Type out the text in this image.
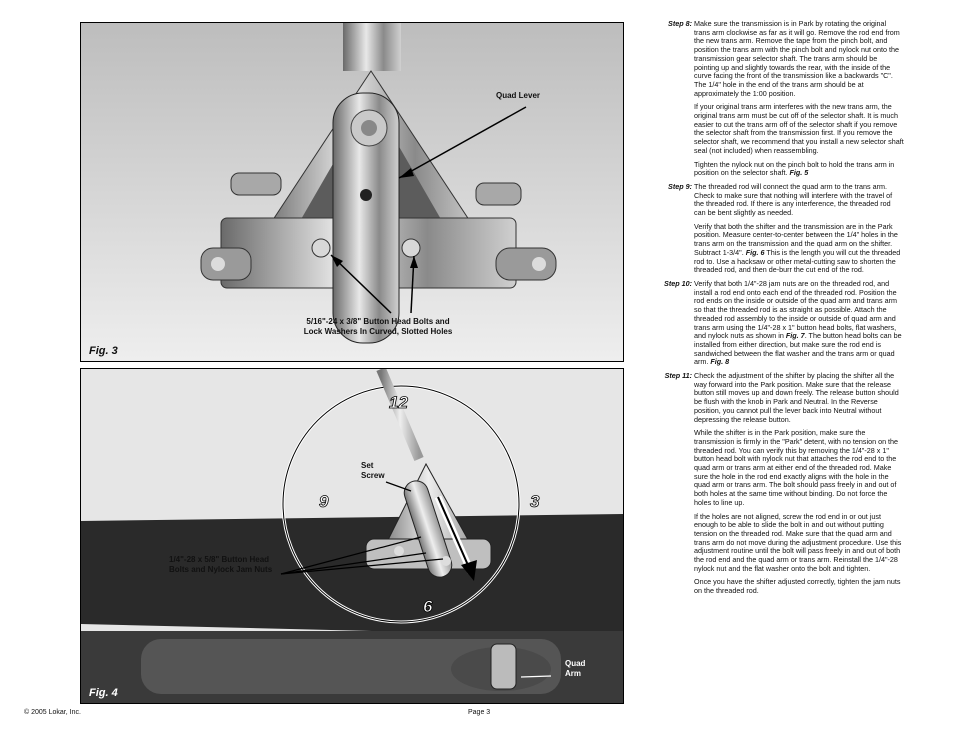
Quad Lever
5/16"-24 x 3/8" Button Head Bolts and
Lock Washers In Curved, Slotted Holes
Fig. 3
12
3
6
9
Set
Screw
1/4"-28 x 5/8" Button Head
Bolts and Nylock Jam Nuts
Quad
Arm
Fig. 4
Step 8: Make sure the transmission is in Park by rotating the original trans arm clockwise as far as it will go. Remove the rod end from the new trans arm. Remove the tape from the pinch bolt, and position the trans arm with the pinch bolt and nylock nut onto the transmission gear selector shaft. The trans arm should be pointing up and slightly towards the rear, with the inside of the curve facing the front of the transmission like a backwards "C". The 1/4" hole in the end of the trans arm should be at approximately the 1:00 position.
If your original trans arm interferes with the new trans arm, the original trans arm must be cut off of the selector shaft. It is much easier to cut the trans arm off of the selector shaft if you remove the selector shaft from the transmission first. If you remove the selector shaft, we recommend that you install a new selector shaft seal (not included) when reassembling.
Tighten the nylock nut on the pinch bolt to hold the trans arm in position on the selector shaft. Fig. 5
Step 9: The threaded rod will connect the quad arm to the trans arm. Check to make sure that nothing will interfere with the travel of the threaded rod. If there is any interference, the threaded rod can be bent slightly as needed.
Verify that both the shifter and the transmission are in the Park position. Measure center-to-center between the 1/4" holes in the trans arm on the transmission and the quad arm on the shifter. Subtract 1-3/4". Fig. 6 This is the length you will cut the threaded rod to. Use a hacksaw or other metal-cutting saw to shorten the threaded rod, and then de-burr the cut end of the rod.
Step 10: Verify that both 1/4"-28 jam nuts are on the threaded rod, and install a rod end onto each end of the threaded rod. Position the rod ends on the inside or outside of the quad arm and trans arm so that the threaded rod is as straight as possible. Attach the threaded rod assembly to the inside or outside of quad arm and trans arm using the 1/4"-28 x 1" button head bolts, flat washers, and nylock nuts as shown in Fig. 7. The button head bolts can be installed from either direction, but make sure the rod end is sandwiched between the flat washer and the trans arm or quad arm. Fig. 8
Step 11: Check the adjustment of the shifter by placing the shifter all the way forward into the Park position. Make sure that the release button still moves up and down freely. The release button should be flush with the knob in Park and Neutral. In the Reverse position, you cannot pull the lever back into Neutral without depressing the release button.
While the shifter is in the Park position, make sure the transmission is firmly in the "Park" detent, with no tension on the threaded rod. You can verify this by removing the 1/4"-28 x 1" button head bolt with nylock nut that attaches the rod end to the quad arm or trans arm at either end of the threaded rod. Make sure the hole in the rod end exactly aligns with the hole in the quad arm or trans arm. The bolt should pass freely in and out of both holes at the same time without binding. Do not force the holes to line up.
If the holes are not aligned, screw the rod end in or out just enough to be able to slide the bolt in and out without putting tension on the threaded rod. Make sure that the quad arm and trans arm do not move during the adjustment procedure. Use this adjustment routine until the bolt will pass freely in and out of both the rod end and the quad arm or trans arm. Reinstall the 1/4"-28 nylock nut and the flat washer onto the bolt and tighten.
Once you have the shifter adjusted correctly, tighten the jam nuts on the threaded rod.
© 2005 Lokar, Inc.	Page 3
